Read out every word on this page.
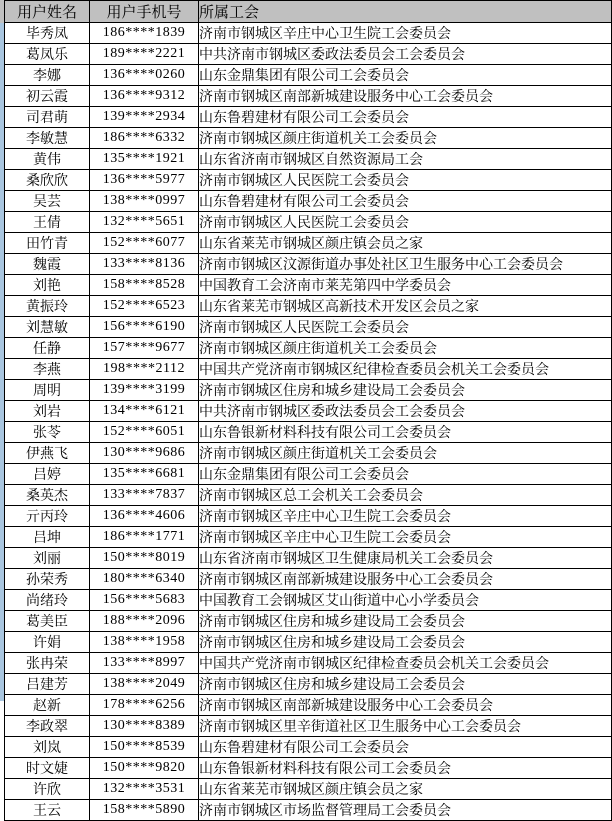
用户姓名	用户手机号	所属工会
毕秀凤	186****1839	济南市钢城区辛庄中心卫生院工会委员会
葛凤乐	189****2221	中共济南市钢城区委政法委员会工会委员会
李娜	136****0260	山东金鼎集团有限公司工会委员会
初云霞	136****9312	济南市钢城区南部新城建设服务中心工会委员会
司君萌	139****2934	山东鲁碧建材有限公司工会委员会
李敏慧	186****6332	济南市钢城区颜庄街道机关工会委员会
黄伟	135****1921	山东省济南市钢城区自然资源局工会
桑欣欣	136****5977	济南市钢城区人民医院工会委员会
吴芸	138****0997	山东鲁碧建材有限公司工会委员会
王倩	132****5651	济南市钢城区人民医院工会委员会
田竹青	152****6077	山东省莱芜市钢城区颜庄镇会员之家
魏霞	133****8136	济南市钢城区汶源街道办事处社区卫生服务中心工会委员会
刘艳	158****8528	中国教育工会济南市莱芜第四中学委员会
黄振玲	152****6523	山东省莱芜市钢城区高新技术开发区会员之家
刘慧敏	156****6190	济南市钢城区人民医院工会委员会
任静	157****9677	济南市钢城区颜庄街道机关工会委员会
李燕	198****2112	中国共产党济南市钢城区纪律检查委员会机关工会委员会
周明	139****3199	济南市钢城区住房和城乡建设局工会委员会
刘岩	134****6121	中共济南市钢城区委政法委员会工会委员会
张苓	152****6051	山东鲁银新材料科技有限公司工会委员会
伊燕飞	130****9686	济南市钢城区颜庄街道机关工会委员会
吕婷	135****6681	山东金鼎集团有限公司工会委员会
桑英杰	133****7837	济南市钢城区总工会机关工会委员会
亓丙玲	136****4606	济南市钢城区辛庄中心卫生院工会委员会
吕坤	186****1771	济南市钢城区辛庄中心卫生院工会委员会
刘丽	150****8019	山东省济南市钢城区卫生健康局机关工会委员会
孙荣秀	180****6340	济南市钢城区南部新城建设服务中心工会委员会
尚绪玲	156****5683	中国教育工会钢城区艾山街道中心小学委员会
葛美臣	188****2096	济南市钢城区住房和城乡建设局工会委员会
许娟	138****1958	济南市钢城区住房和城乡建设局工会委员会
张冉荣	133****8997	中国共产党济南市钢城区纪律检查委员会机关工会委员会
吕建芳	138****2049	济南市钢城区住房和城乡建设局工会委员会
赵新	178****6256	济南市钢城区南部新城建设服务中心工会委员会
李政翠	130****8389	济南市钢城区里辛街道社区卫生服务中心工会委员会
刘岚	150****8539	山东鲁碧建材有限公司工会委员会
时文婕	150****9820	山东鲁银新材料科技有限公司工会委员会
许欣	132****3531	山东省莱芜市钢城区颜庄镇会员之家
王云	158****5890	济南市钢城区市场监督管理局工会委员会
